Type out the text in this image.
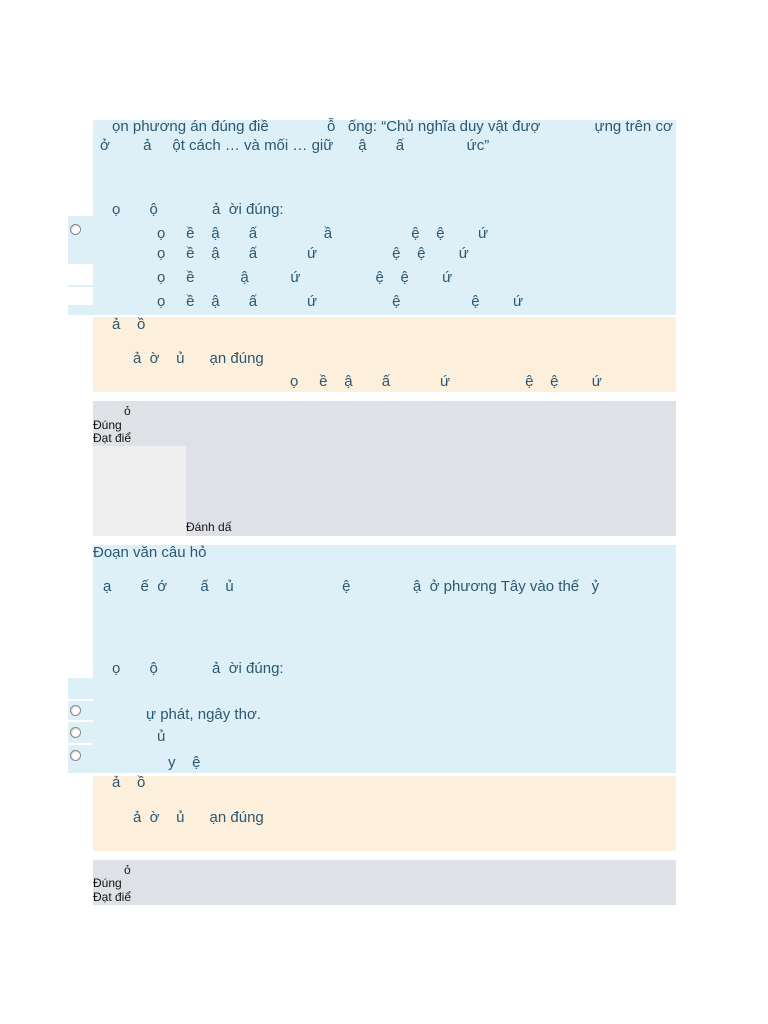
ọn phương án đúng điề              ỗ   ống: “Chủ nghĩa duy vật đượ             ựng trên cơ
ở        ả     ột cách … và mối … giữ      ậ       ấ               ức”
ọ       ộ             ả  ời đúng:
ọ     ề    ậ       ấ                ầ                   ệ    ệ        ứ
ọ     ề    ậ       ấ            ứ                  ệ    ệ        ứ
ọ     ề           ậ          ứ                  ệ    ệ        ứ
ọ     ề    ậ       ấ            ứ                  ệ                 ệ        ứ
ả    ồ
ả  ờ    ủ      ạn đúng
ọ     ề    ậ       ấ            ứ                  ệ    ệ        ứ
ỏ
Đúng
Đạt điể
Đánh dấ
Đoạn văn câu hỏ
ạ       ế  ớ        ấ    ủ                          ệ               ậ  ở phương Tây vào thế   ỷ
ọ       ộ             ả  ời đúng:
ự phát, ngây thơ.
ủ
y    ệ
ả    ồ
ả  ờ    ủ      ạn đúng
ỏ
Đúng
Đạt điể
